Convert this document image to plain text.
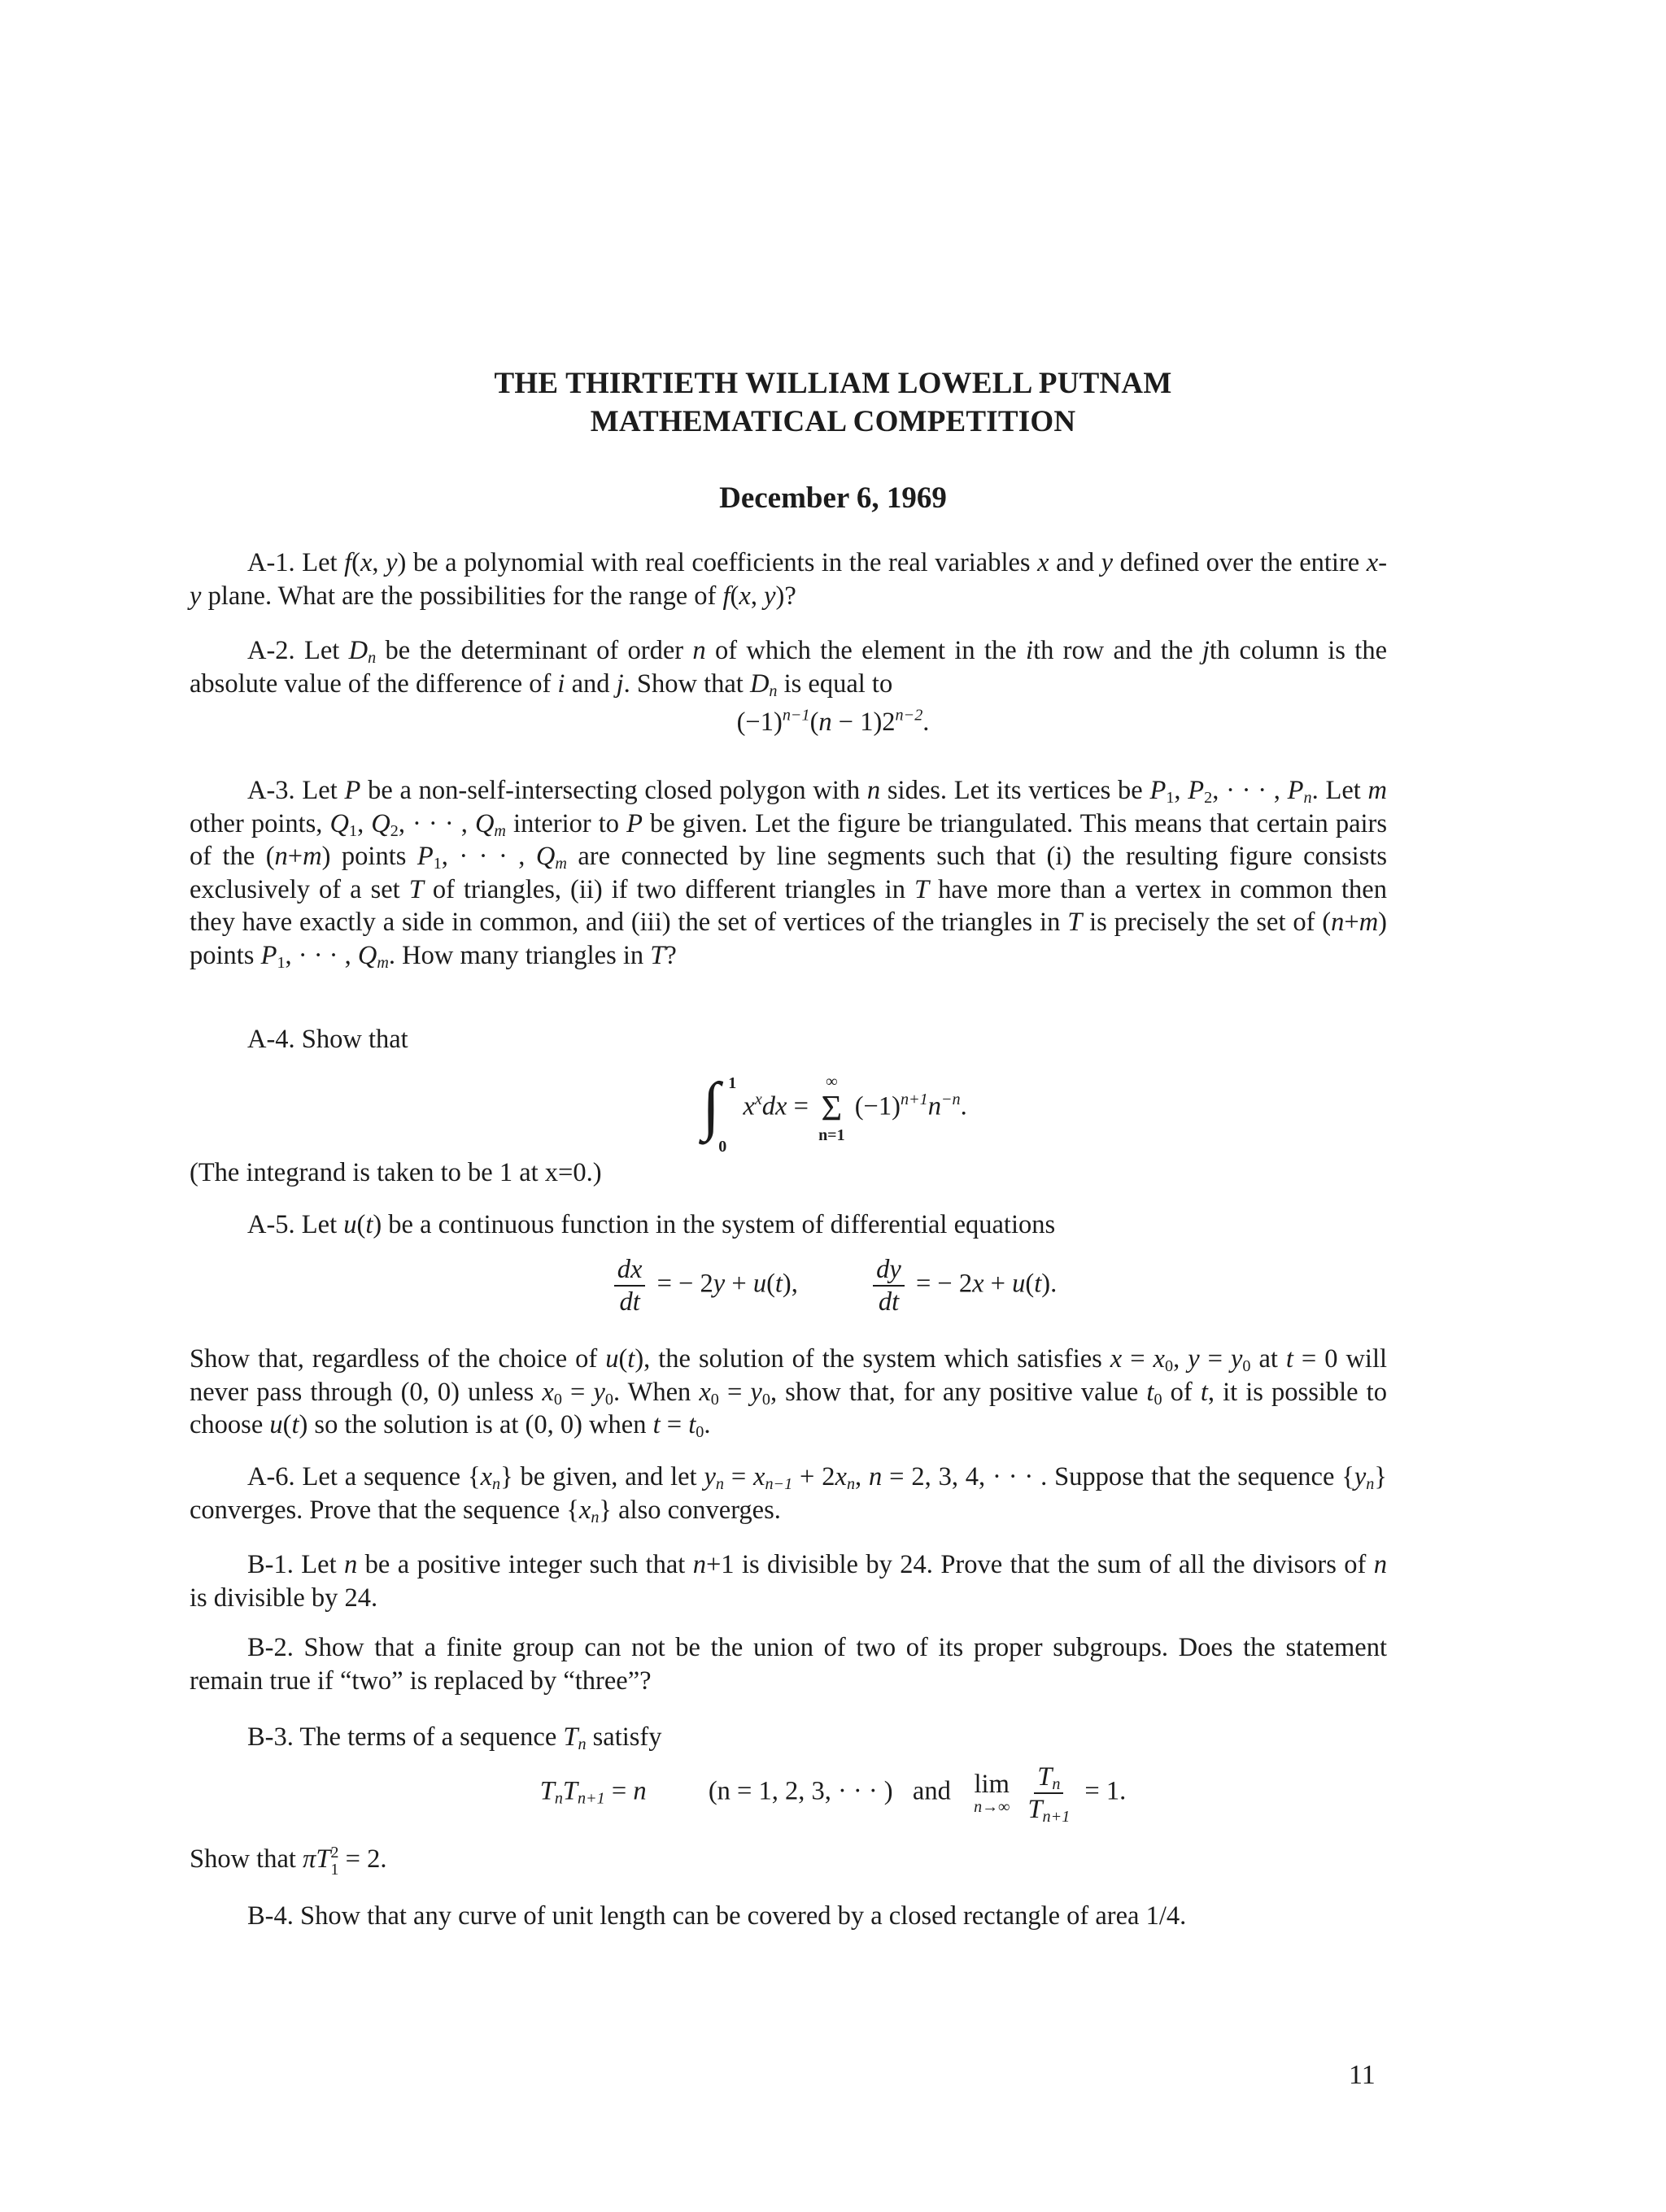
THE THIRTIETH WILLIAM LOWELL PUTNAM
MATHEMATICAL COMPETITION
December 6, 1969
A-1. Let f(x, y) be a polynomial with real coefficients in the real variables x and y defined over the entire x-y plane. What are the possibilities for the range of f(x, y)?
A-2. Let $D_n$ be the determinant of order n of which the element in the ith row and the jth column is the absolute value of the difference of i and j. Show that $D_n$ is equal to
$(-1)^{n-1}(n - 1)2^{n-2}$.
A-3. Let P be a non-self-intersecting closed polygon with n sides. Let its vertices be $P_1$, $P_2$, · · · , $P_n$. Let m other points, $Q_1$, $Q_2$, · · · , $Q_m$ interior to P be given. Let the figure be triangulated. This means that certain pairs of the (n+m) points $P_1$, · · · , $Q_m$ are connected by line segments such that (i) the resulting figure consists exclusively of a set T of triangles, (ii) if two different triangles in T have more than a vertex in common then they have exactly a side in common, and (iii) the set of vertices of the triangles in T is precisely the set of (n+m) points $P_1$, · · · , $Q_m$. How many triangles in T?
A-4. Show that
∫ 1
0
$x^xdx$ =
∞
Σ
n=1
$(-1)^{n+1}n^{-n}$.
(The integrand is taken to be 1 at x=0.)
A-5. Let u(t) be a continuous function in the system of differential equations
$\frac{dx}{dt}$ = − 2y + u(t),	$\frac{dy}{dt}$ = − 2x + u(t).
Show that, regardless of the choice of u(t), the solution of the system which satisfies $x = x_0$, $y = y_0$ at t = 0 will never pass through (0, 0) unless $x_0 = y_0$. When $x_0 = y_0$, show that, for any positive value $t_0$ of t, it is possible to choose u(t) so the solution is at (0, 0) when $t = t_0$.
A-6. Let a sequence $\{x_n\}$ be given, and let $y_n = x_{n-1} + 2x_n$, n = 2, 3, 4, · · · . Suppose that the sequence $\{y_n\}$ converges. Prove that the sequence $\{x_n\}$ also converges.
B-1. Let n be a positive integer such that n+1 is divisible by 24. Prove that the sum of all the divisors of n is divisible by 24.
B-2. Show that a finite group can not be the union of two of its proper subgroups. Does the statement remain true if “two” is replaced by “three”?
B-3. The terms of a sequence $T_n$ satisfy
$T_nT_{n+1} = n$ (n = 1, 2, 3, · · · ) and lim
n→∞
$\frac{T_n}{T_{n+1}} = 1$.
Show that πT 2
1 = 2.
B-4. Show that any curve of unit length can be covered by a closed rectangle of area 1/4.
11
